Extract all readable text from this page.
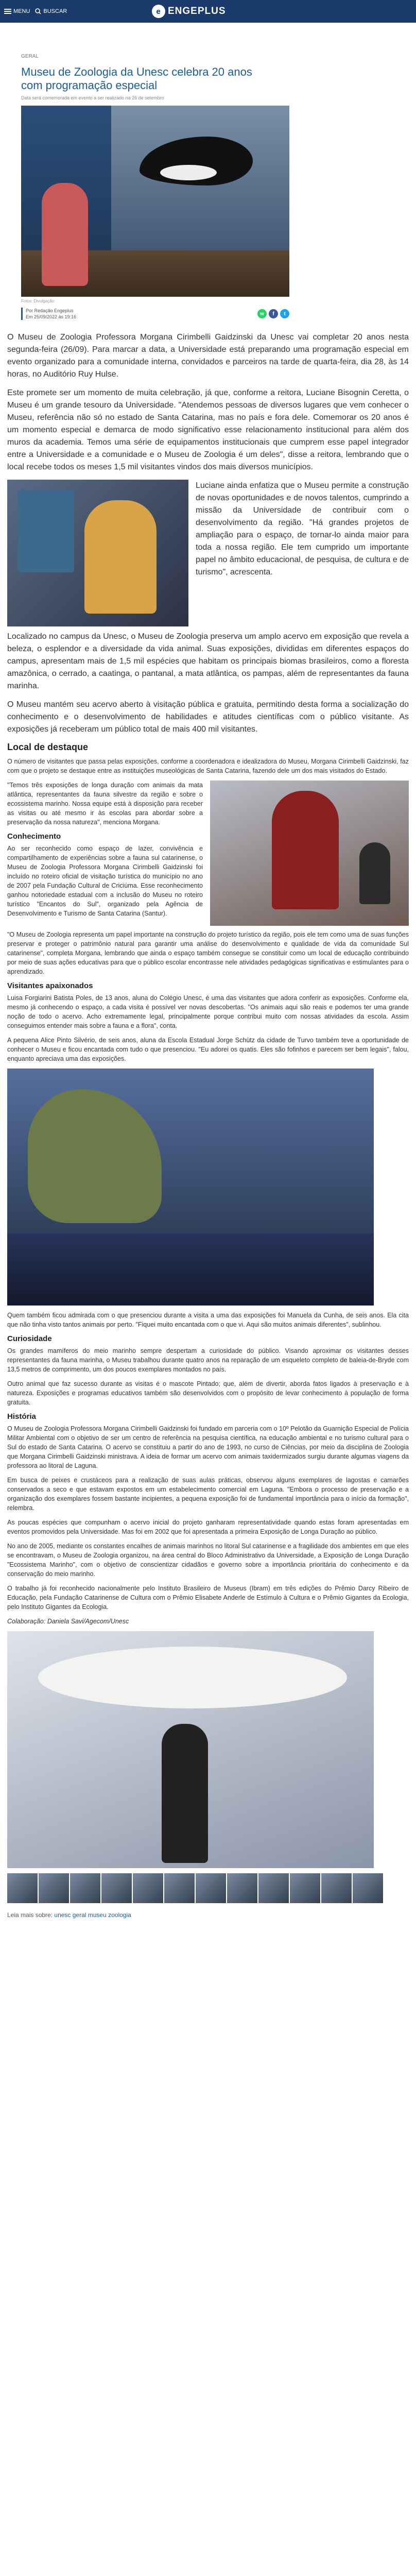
MENU BUSCAR	e ENGEPLUS
GERAL
Museu de Zoologia da Unesc celebra 20 anos com programação especial
Data será comemorada em evento a ser realizado na 26 de setembro
Fotos: Divulgação
Por Redação Engeplus
Em 25/09/2022 às 19:16
w	f	t

O Museu de Zoologia Professora Morgana Cirimbelli Gaidzinski da Unesc vai completar 20 anos nesta segunda-feira (26/09). Para marcar a data, a Universidade está preparando uma programação especial em evento organizado para a comunidade interna, convidados e parceiros na tarde de quarta-feira, dia 28, às 14 horas, no Auditório Ruy Hulse.

Este promete ser um momento de muita celebração, já que, conforme a reitora, Luciane Bisognin Ceretta, o Museu é um grande tesouro da Universidade. "Atendemos pessoas de diversos lugares que vem conhecer o Museu, referência não só no estado de Santa Catarina, mas no país e fora dele. Comemorar os 20 anos é um momento especial e demarca de modo significativo esse relacionamento institucional para além dos muros da academia. Temos uma série de equipamentos institucionais que cumprem esse papel integrador entre a Universidade e a comunidade e o Museu de Zoologia é um deles", disse a reitora, lembrando que o local recebe todos os meses 1,5 mil visitantes vindos dos mais diversos municípios.

Luciane ainda enfatiza que o Museu permite a construção de novas oportunidades e de novos talentos, cumprindo a missão da Universidade de contribuir com o desenvolvimento da região. "Há grandes projetos de ampliação para o espaço, de tornar-lo ainda maior para toda a nossa região. Ele tem cumprido um importante papel no âmbito educacional, de pesquisa, de cultura e de turismo", acrescenta.

Localizado no campus da Unesc, o Museu de Zoologia preserva um amplo acervo em exposição que revela a beleza, o esplendor e a diversidade da vida animal. Suas exposições, divididas em diferentes espaços do campus, apresentam mais de 1,5 mil espécies que habitam os principais biomas brasileiros, como a floresta amazônica, o cerrado, a caatinga, o pantanal, a mata atlântica, os pampas, além de representantes da fauna marinha.

O Museu mantém seu acervo aberto à visitação pública e gratuita, permitindo desta forma a socialização do conhecimento e o desenvolvimento de habilidades e atitudes científicas com o público visitante. As exposições já receberam um público total de mais 400 mil visitantes.

Local de destaque

O número de visitantes que passa pelas exposições, conforme a coordenadora e idealizadora do Museu, Morgana Cirimbelli Gaidzinski, faz com que o projeto se destaque entre as instituições museológicas de Santa Catarina, fazendo dele um dos mais visitados do Estado.

"Temos três exposições de longa duração com animais da mata atlântica, representantes da fauna silvestre da região e sobre o ecossistema marinho. Nossa equipe está à disposição para receber as visitas ou até mesmo ir às escolas para abordar sobre a preservação da nossa natureza", menciona Morgana.

Conhecimento

Ao ser reconhecido como espaço de lazer, convivência e compartilhamento de experiências sobre a fauna sul catarinense, o Museu de Zoologia Professora Morgana Cirimbelli Gaidzinski foi incluído no roteiro oficial de visitação turística do município no ano de 2007 pela Fundação Cultural de Criciúma. Esse reconhecimento ganhou notoriedade estadual com a inclusão do Museu no roteiro turístico "Encantos do Sul", organizado pela Agência de Desenvolvimento e Turismo de Santa Catarina (Santur).

"O Museu de Zoologia representa um papel importante na construção do projeto turístico da região, pois ele tem como uma de suas funções preservar e proteger o patrimônio natural para garantir uma análise do desenvolvimento e qualidade de vida da comunidade Sul catarinense", completa Morgana, lembrando que ainda o espaço também consegue se constituir como um local de educação contribuindo por meio de suas ações educativas para que o público escolar encontrasse nele atividades pedagógicas significativas e estimulantes para o aprendizado.

Visitantes apaixonados

Luisa Forgiarini Batista Poles, de 13 anos, aluna do Colégio Unesc, é uma das visitantes que adora conferir as exposições. Conforme ela, mesmo já conhecendo o espaço, a cada visita é possível ver novas descobertas. "Os animais aqui são reais e podemos ter uma grande noção de todo o acervo. Acho extremamente legal, principalmente porque contribui muito com nossas atividades da escola. Assim conseguimos entender mais sobre a fauna e a flora", conta.

A pequena Alice Pinto Silvério, de seis anos, aluna da Escola Estadual Jorge Schütz da cidade de Turvo também teve a oportunidade de conhecer o Museu e ficou encantada com tudo o que presenciou. "Eu adorei os quatis. Eles são fofinhos e parecem ser bem legais", falou, enquanto apreciava uma das exposições.

Quem também ficou admirada com o que presenciou durante a visita a uma das exposições foi Manuela da Cunha, de seis anos. Ela cita que não tinha visto tantos animais por perto. "Fiquei muito encantada com o que vi. Aqui são muitos animais diferentes", sublinhou.

Curiosidade

Os grandes mamíferos do meio marinho sempre despertam a curiosidade do público. Visando aproximar os visitantes desses representantes da fauna marinha, o Museu trabalhou durante quatro anos na reparação de um esqueleto completo de baleia-de-Bryde com 13,5 metros de comprimento, um dos poucos exemplares montados no país.

Outro animal que faz sucesso durante as visitas é o mascote Pintado; que, além de divertir, aborda fatos ligados à preservação e à natureza. Exposições e programas educativos também são desenvolvidos com o propósito de levar conhecimento à população de forma gratuita.

História

O Museu de Zoologia Professora Morgana Cirimbelli Gaidzinski foi fundado em parceria com o 10º Pelotão da Guarnição Especial de Polícia Militar Ambiental com o objetivo de ser um centro de referência na pesquisa científica, na educação ambiental e no turismo cultural para o Sul do estado de Santa Catarina. O acervo se constituiu a partir do ano de 1993, no curso de Ciências, por meio da disciplina de Zoologia que Morgana Cirimbelli Gaidzinski ministrava. A ideia de formar um acervo com animais taxidermizados surgiu durante algumas viagens da professora ao litoral de Laguna.

Em busca de peixes e crustáceos para a realização de suas aulas práticas, observou alguns exemplares de lagostas e camarões conservados a seco e que estavam expostos em um estabelecimento comercial em Laguna. "Embora o processo de preservação e a organização dos exemplares fossem bastante incipientes, a pequena exposição foi de fundamental importância para o início da formação", relembra.

As poucas espécies que compunham o acervo inicial do projeto ganharam representatividade quando estas foram apresentadas em eventos promovidos pela Universidade. Mas foi em 2002 que foi apresentada a primeira Exposição de Longa Duração ao público.

No ano de 2005, mediante os constantes encalhes de animais marinhos no litoral Sul catarinense e a fragilidade dos ambientes em que eles se encontravam, o Museu de Zoologia organizou, na área central do Bloco Administrativo da Universidade, a Exposição de Longa Duração "Ecossistema Marinho", com o objetivo de conscientizar cidadãos e governo sobre a importância prioritária do conhecimento e da conservação do meio marinho.

O trabalho já foi reconhecido nacionalmente pelo Instituto Brasileiro de Museus (Ibram) em três edições do Prêmio Darcy Ribeiro de Educação, pela Fundação Catarinense de Cultura com o Prêmio Elisabete Anderle de Estímulo à Cultura e o Prêmio Gigantes da Ecologia, pelo Instituto Gigantes da Ecologia.

Colaboração: Daniela Savi/Agecom/Unesc

Leia mais sobre: unesc geral museu zoologia
